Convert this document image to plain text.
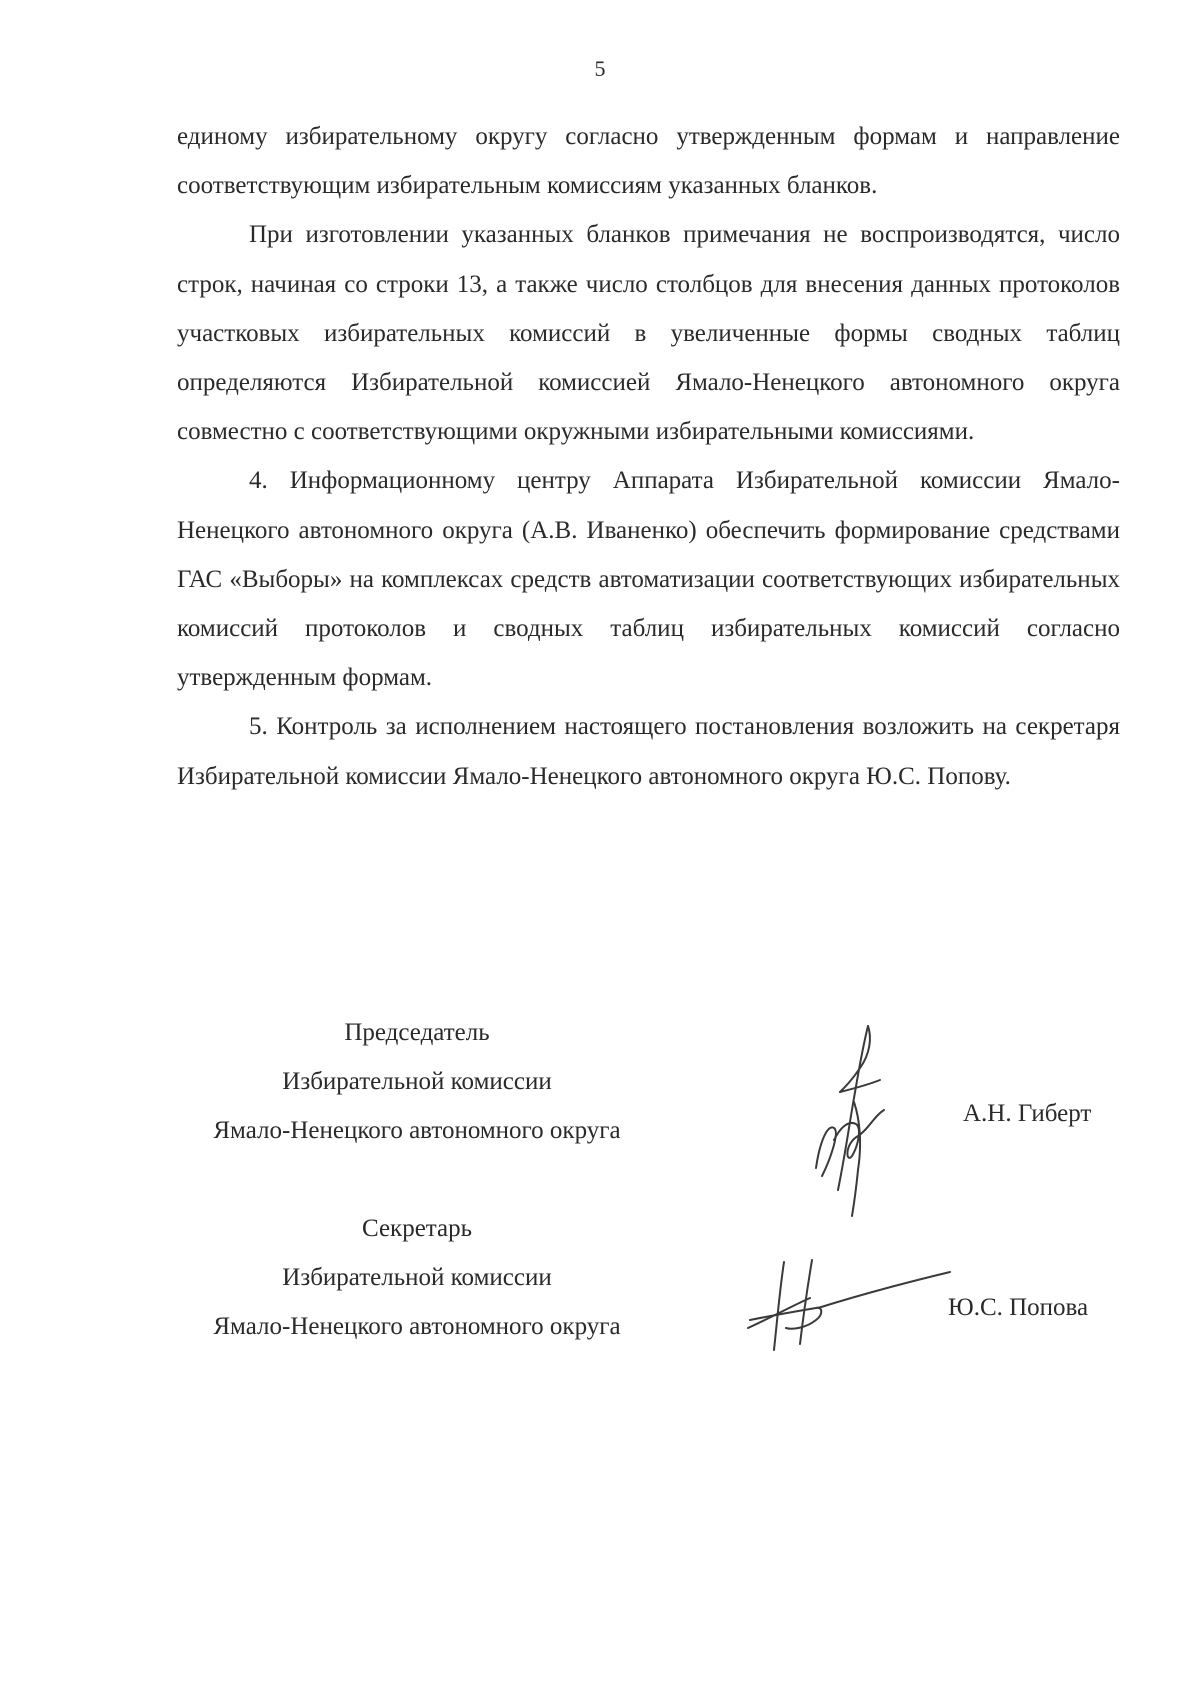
5

единому избирательному округу согласно утвержденным формам и направление соответствующим избирательным комиссиям указанных бланков.

При изготовлении указанных бланков примечания не воспроизводятся, число строк, начиная со строки 13, а также число столбцов для внесения данных протоколов участковых избирательных комиссий в увеличенные формы сводных таблиц определяются Избирательной комиссией Ямало-Ненецкого автономного округа совместно с соответствующими окружными избирательными комиссиями.

4. Информационному центру Аппарата Избирательной комиссии Ямало-Ненецкого автономного округа (А.В. Иваненко) обеспечить формирование средствами ГАС «Выборы» на комплексах средств автоматизации соответствующих избирательных комиссий протоколов и сводных таблиц избирательных комиссий согласно утвержденным формам.

5. Контроль за исполнением настоящего постановления возложить на секретаря Избирательной комиссии Ямало-Ненецкого автономного округа Ю.С. Попову.

Председатель
Избирательной комиссии
Ямало-Ненецкого автономного округа
А.Н. Гиберт
Секретарь
Избирательной комиссии
Ямало-Ненецкого автономного округа
Ю.С. Попова
